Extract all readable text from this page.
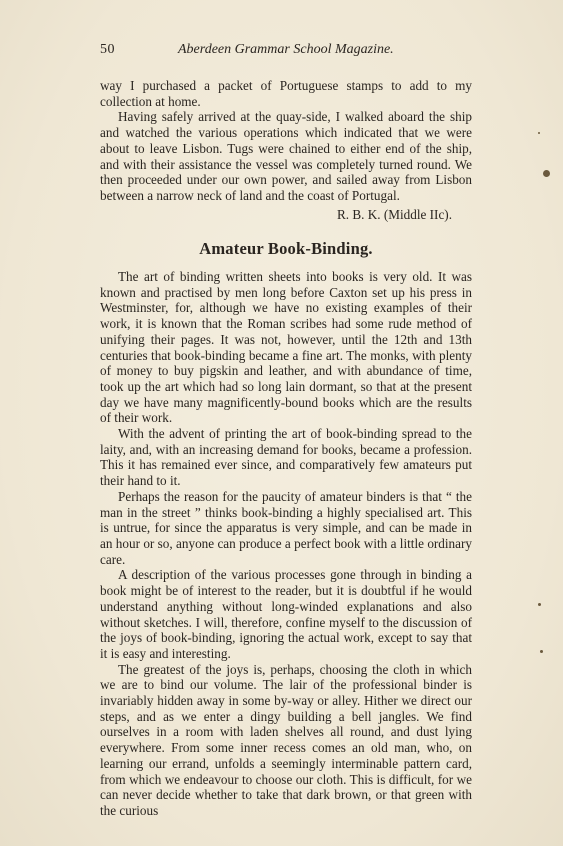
50	Aberdeen Grammar School Magazine.

way I purchased a packet of Portuguese stamps to add to my collection at home.

Having safely arrived at the quay-side, I walked aboard the ship and watched the various operations which indicated that we were about to leave Lisbon. Tugs were chained to either end of the ship, and with their assistance the vessel was completely turned round. We then proceeded under our own power, and sailed away from Lisbon between a narrow neck of land and the coast of Portugal.

R. B. K. (Middle IIc).
Amateur Book-Binding.

The art of binding written sheets into books is very old. It was known and practised by men long before Caxton set up his press in Westminster, for, although we have no existing examples of their work, it is known that the Roman scribes had some rude method of unifying their pages. It was not, however, until the 12th and 13th centuries that book-binding became a fine art. The monks, with plenty of money to buy pigskin and leather, and with abundance of time, took up the art which had so long lain dormant, so that at the present day we have many magnificently-bound books which are the results of their work.

With the advent of printing the art of book-binding spread to the laity, and, with an increasing demand for books, became a profession. This it has remained ever since, and comparatively few amateurs put their hand to it.

Perhaps the reason for the paucity of amateur binders is that “ the man in the street ” thinks book-binding a highly specialised art. This is untrue, for since the apparatus is very simple, and can be made in an hour or so, anyone can produce a perfect book with a little ordinary care.

A description of the various processes gone through in binding a book might be of interest to the reader, but it is doubtful if he would understand anything without long-winded explanations and also without sketches. I will, therefore, confine myself to the discussion of the joys of book-binding, ignoring the actual work, except to say that it is easy and interesting.

The greatest of the joys is, perhaps, choosing the cloth in which we are to bind our volume. The lair of the professional binder is invariably hidden away in some by-way or alley. Hither we direct our steps, and as we enter a dingy building a bell jangles. We find ourselves in a room with laden shelves all round, and dust lying everywhere. From some inner recess comes an old man, who, on learning our errand, unfolds a seemingly interminable pattern card, from which we endeavour to choose our cloth. This is difficult, for we can never decide whether to take that dark brown, or that green with the curious
